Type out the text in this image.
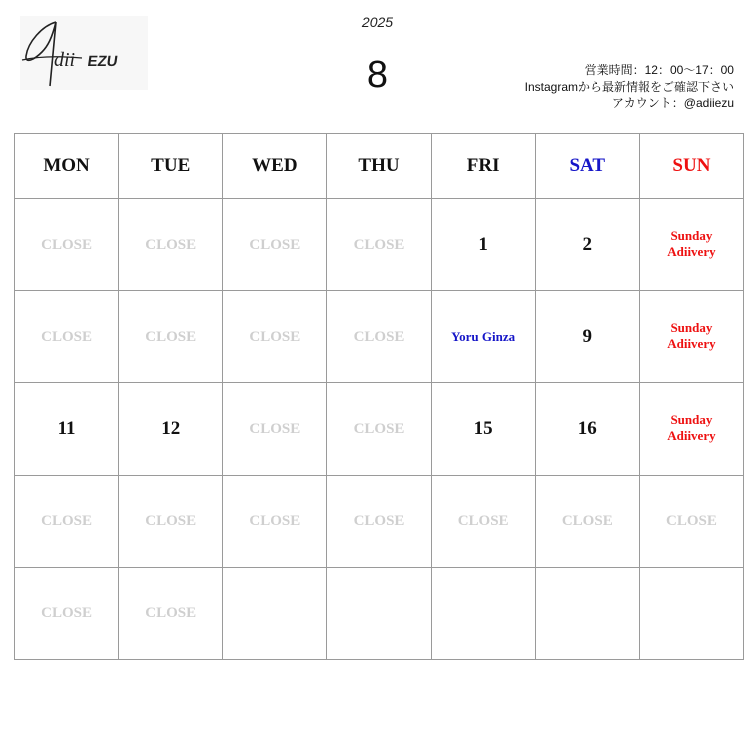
dii EZU
2025
8	営業時間：12：00〜17：00
Instagramから最新情報をご確認下さい
アカウント：@adiiezu
MON	TUE	WED	THU	FRI	SAT	SUN
CLOSE	CLOSE	CLOSE	CLOSE	1	2	Sunday Adiivery
CLOSE	CLOSE	CLOSE	CLOSE	Yoru Ginza	9	Sunday Adiivery
11	12	CLOSE	CLOSE	15	16	Sunday Adiivery
CLOSE	CLOSE	CLOSE	CLOSE	CLOSE	CLOSE	CLOSE
CLOSE	CLOSE					
